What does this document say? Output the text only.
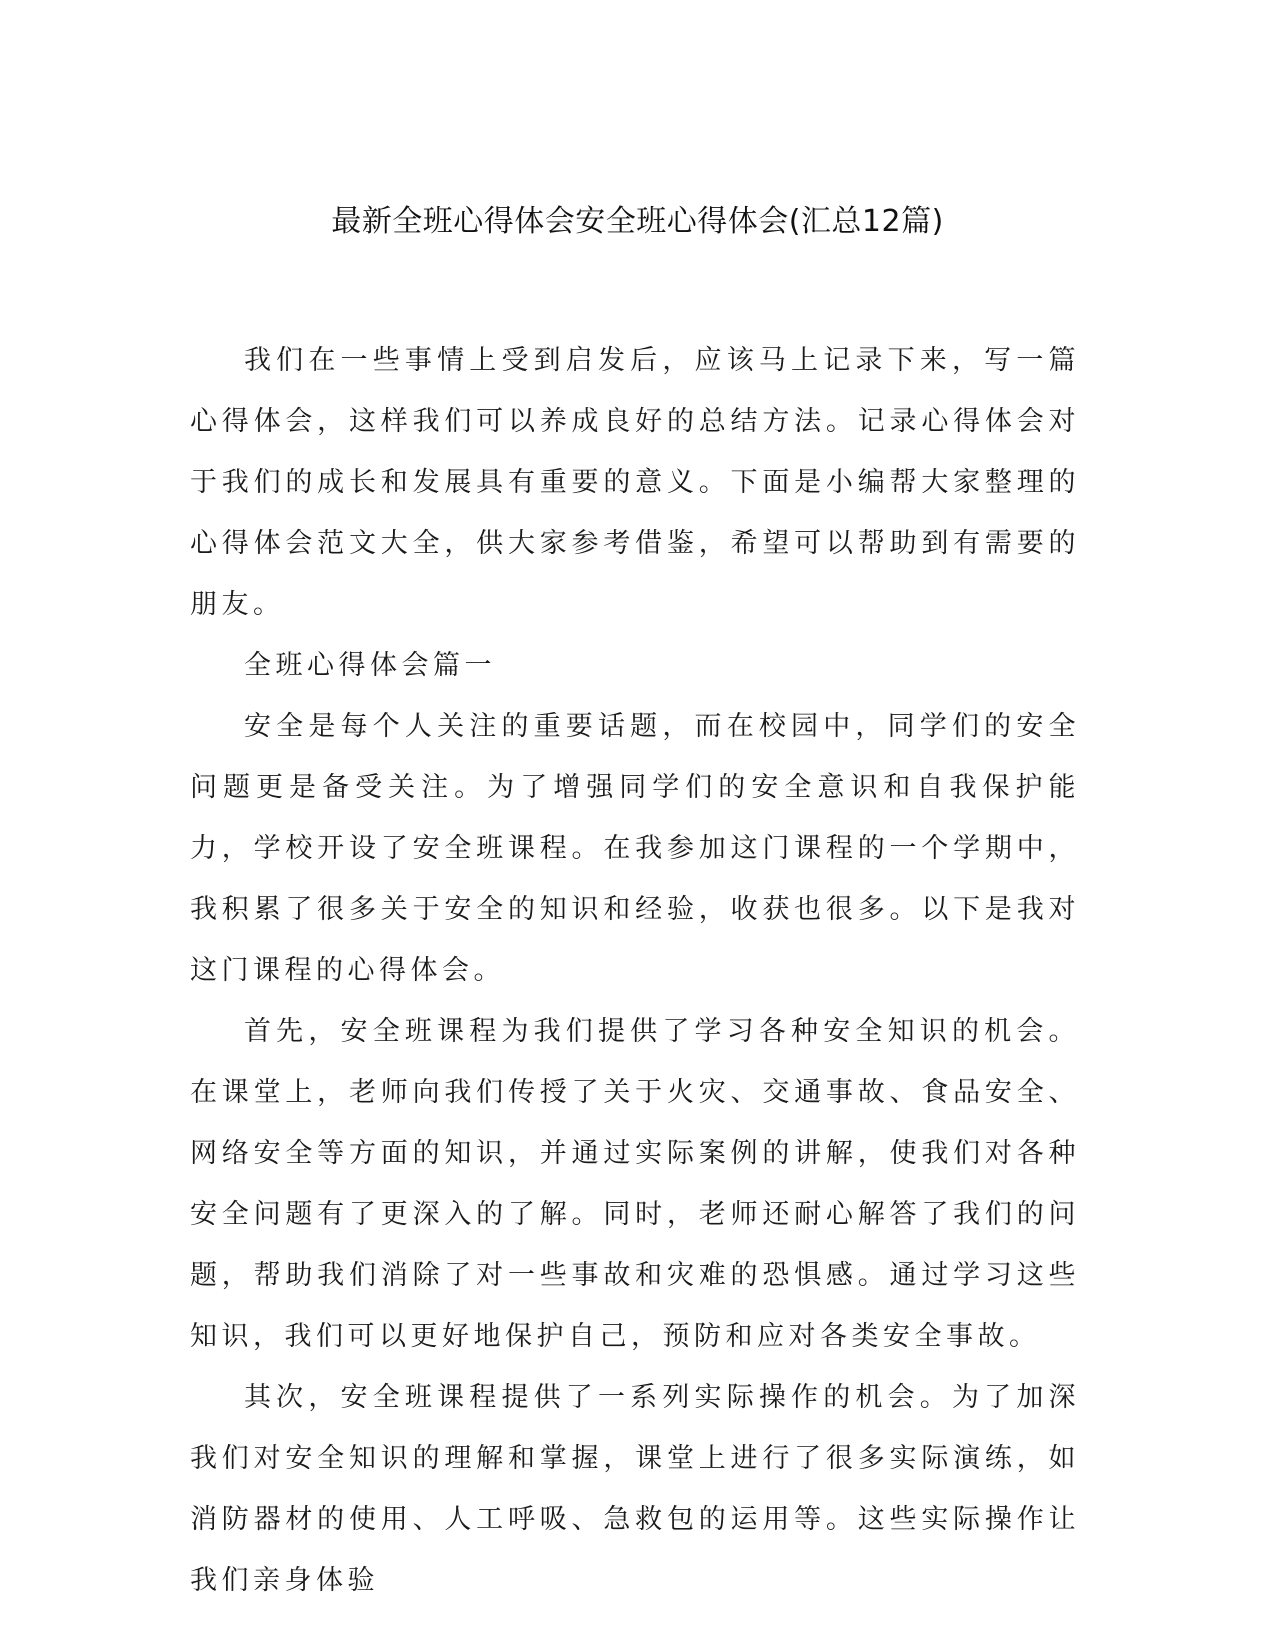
最新全班心得体会安全班心得体会(汇总12篇)

我们在一些事情上受到启发后，应该马上记录下来，写一篇心得体会，这样我们可以养成良好的总结方法。记录心得体会对于我们的成长和发展具有重要的意义。下面是小编帮大家整理的心得体会范文大全，供大家参考借鉴，希望可以帮助到有需要的朋友。

全班心得体会篇一

安全是每个人关注的重要话题，而在校园中，同学们的安全问题更是备受关注。为了增强同学们的安全意识和自我保护能力，学校开设了安全班课程。在我参加这门课程的一个学期中，我积累了很多关于安全的知识和经验，收获也很多。以下是我对这门课程的心得体会。

首先，安全班课程为我们提供了学习各种安全知识的机会。在课堂上，老师向我们传授了关于火灾、交通事故、食品安全、网络安全等方面的知识，并通过实际案例的讲解，使我们对各种安全问题有了更深入的了解。同时，老师还耐心解答了我们的问题，帮助我们消除了对一些事故和灾难的恐惧感。通过学习这些知识，我们可以更好地保护自己，预防和应对各类安全事故。

其次，安全班课程提供了一系列实际操作的机会。为了加深我们对安全知识的理解和掌握，课堂上进行了很多实际演练，如消防器材的使用、人工呼吸、急救包的运用等。这些实际操作让我们亲身体验
